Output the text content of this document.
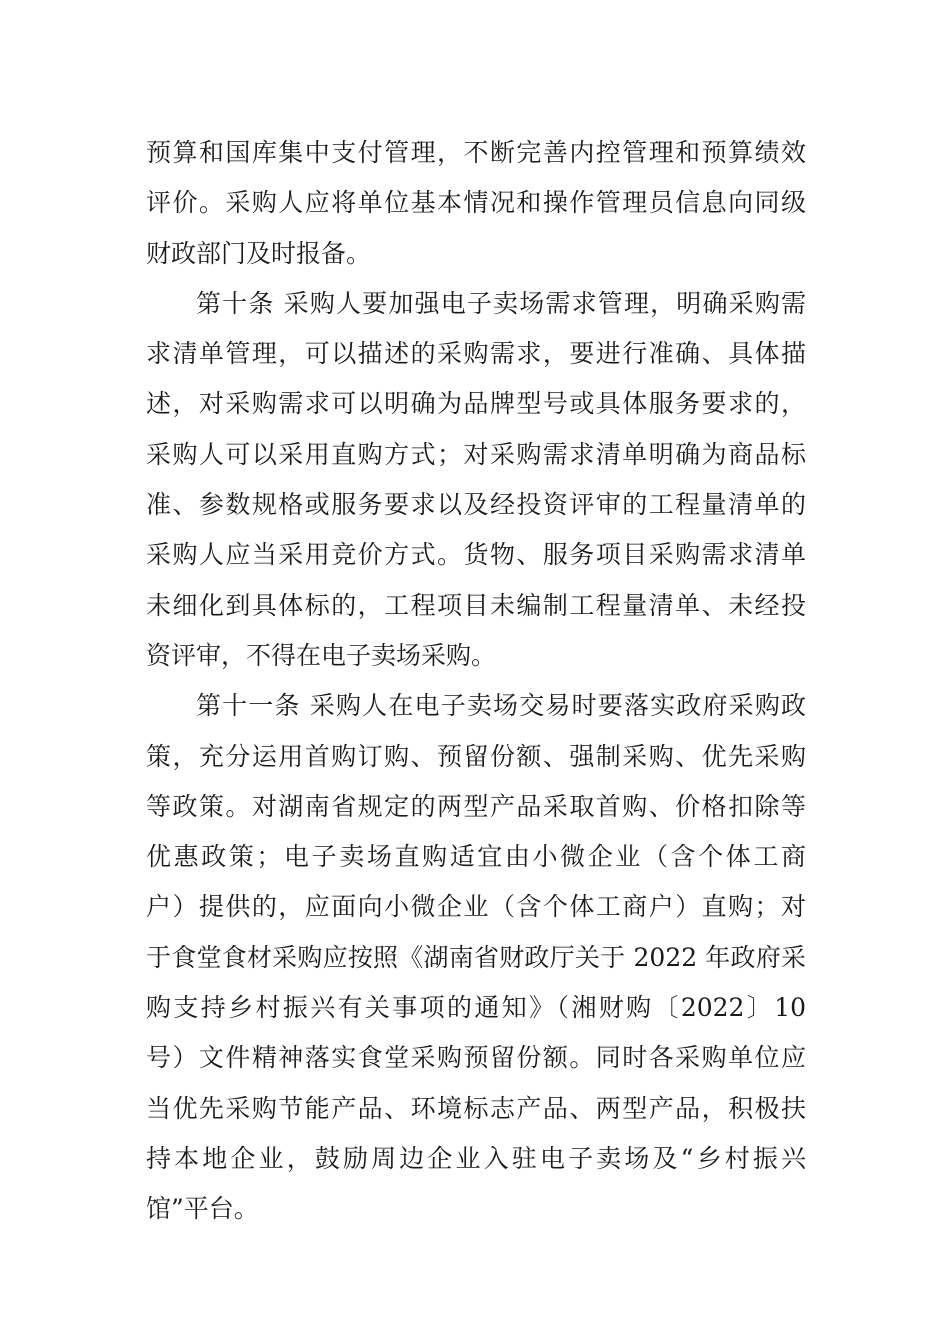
预算和国库集中支付管理，不断完善内控管理和预算绩效
评价。采购人应将单位基本情况和操作管理员信息向同级
财政部门及时报备。
第十条 采购人要加强电子卖场需求管理，明确采购需
求清单管理，可以描述的采购需求，要进行准确、具体描
述，对采购需求可以明确为品牌型号或具体服务要求的，
采购人可以采用直购方式；对采购需求清单明确为商品标
准、参数规格或服务要求以及经投资评审的工程量清单的
采购人应当采用竞价方式。货物、服务项目采购需求清单
未细化到具体标的，工程项目未编制工程量清单、未经投
资评审，不得在电子卖场采购。
第十一条 采购人在电子卖场交易时要落实政府采购政
策，充分运用首购订购、预留份额、强制采购、优先采购
等政策。对湖南省规定的两型产品采取首购、价格扣除等
优惠政策；电子卖场直购适宜由小微企业（含个体工商
户）提供的，应面向小微企业（含个体工商户）直购；对
于食堂食材采购应按照《湖南省财政厅关于 2022 年政府采
购支持乡村振兴有关事项的通知》（湘财购〔2022〕10
号）文件精神落实食堂采购预留份额。同时各采购单位应
当优先采购节能产品、环境标志产品、两型产品，积极扶
持本地企业，鼓励周边企业入驻电子卖场及“乡村振兴
馆”平台。
